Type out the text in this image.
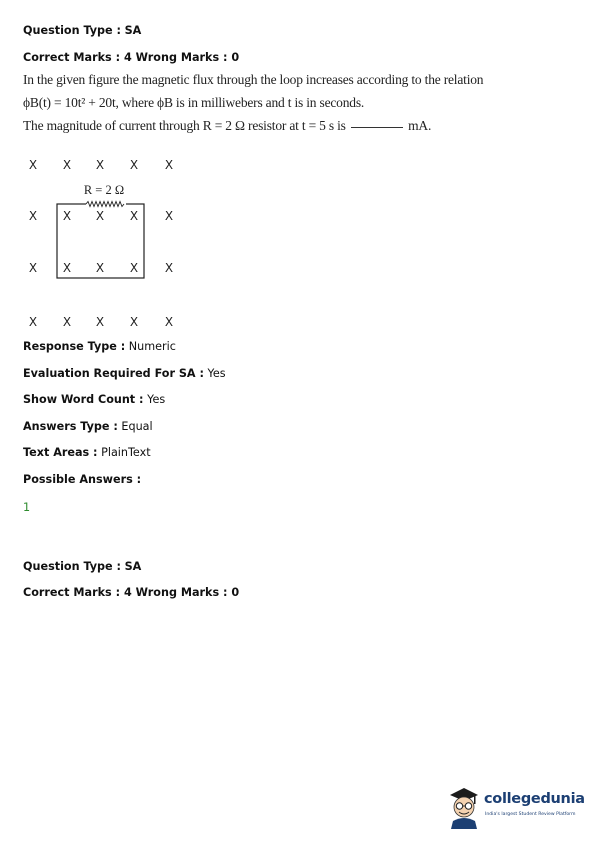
Question Type : SA
Correct Marks : 4 Wrong Marks : 0
In the given figure the magnetic flux through the loop increases according to the relation
ϕB(t) = 10t² + 20t, where ϕB is in milliwebers and t is in seconds.
The magnitude of current through R = 2 Ω resistor at t = 5 s is	mA.
X X X X X
X X X X X
X X X X X
X X X X X
R = 2 Ω
Response Type : Numeric
Evaluation Required For SA : Yes
Show Word Count : Yes
Answers Type : Equal
Text Areas : PlainText
Possible Answers :
1
Question Type : SA
Correct Marks : 4 Wrong Marks : 0
collegedunia
India's largest Student Review Platform
